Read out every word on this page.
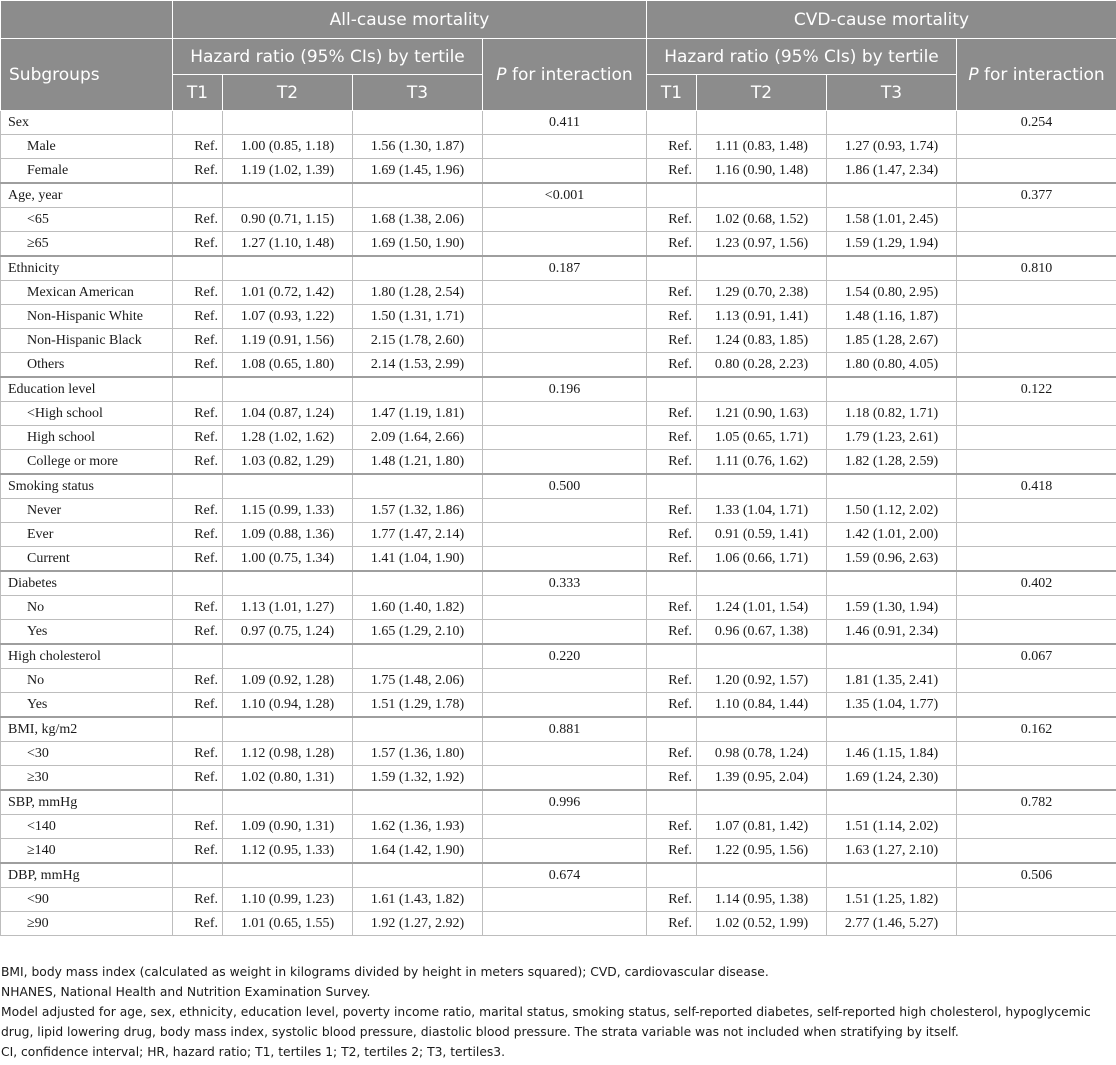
	All-cause mortality				CVD-cause mortality			
Subgroups	Hazard ratio (95% CIs) by tertile			P for interaction	Hazard ratio (95% CIs) by tertile			P for interaction
	T1	T2	T3		T1	T2	T3	
Sex				0.411				0.254
Male	Ref.	1.00 (0.85, 1.18)	1.56 (1.30, 1.87)		Ref.	1.11 (0.83, 1.48)	1.27 (0.93, 1.74)	
Female	Ref.	1.19 (1.02, 1.39)	1.69 (1.45, 1.96)		Ref.	1.16 (0.90, 1.48)	1.86 (1.47, 2.34)	
Age, year				<0.001				0.377
<65	Ref.	0.90 (0.71, 1.15)	1.68 (1.38, 2.06)		Ref.	1.02 (0.68, 1.52)	1.58 (1.01, 2.45)	
≥65	Ref.	1.27 (1.10, 1.48)	1.69 (1.50, 1.90)		Ref.	1.23 (0.97, 1.56)	1.59 (1.29, 1.94)	
Ethnicity				0.187				0.810
Mexican American	Ref.	1.01 (0.72, 1.42)	1.80 (1.28, 2.54)		Ref.	1.29 (0.70, 2.38)	1.54 (0.80, 2.95)	
Non-Hispanic White	Ref.	1.07 (0.93, 1.22)	1.50 (1.31, 1.71)		Ref.	1.13 (0.91, 1.41)	1.48 (1.16, 1.87)	
Non-Hispanic Black	Ref.	1.19 (0.91, 1.56)	2.15 (1.78, 2.60)		Ref.	1.24 (0.83, 1.85)	1.85 (1.28, 2.67)	
Others	Ref.	1.08 (0.65, 1.80)	2.14 (1.53, 2.99)		Ref.	0.80 (0.28, 2.23)	1.80 (0.80, 4.05)	
Education level				0.196				0.122
<High school	Ref.	1.04 (0.87, 1.24)	1.47 (1.19, 1.81)		Ref.	1.21 (0.90, 1.63)	1.18 (0.82, 1.71)	
High school	Ref.	1.28 (1.02, 1.62)	2.09 (1.64, 2.66)		Ref.	1.05 (0.65, 1.71)	1.79 (1.23, 2.61)	
College or more	Ref.	1.03 (0.82, 1.29)	1.48 (1.21, 1.80)		Ref.	1.11 (0.76, 1.62)	1.82 (1.28, 2.59)	
Smoking status				0.500				0.418
Never	Ref.	1.15 (0.99, 1.33)	1.57 (1.32, 1.86)		Ref.	1.33 (1.04, 1.71)	1.50 (1.12, 2.02)	
Ever	Ref.	1.09 (0.88, 1.36)	1.77 (1.47, 2.14)		Ref.	0.91 (0.59, 1.41)	1.42 (1.01, 2.00)	
Current	Ref.	1.00 (0.75, 1.34)	1.41 (1.04, 1.90)		Ref.	1.06 (0.66, 1.71)	1.59 (0.96, 2.63)	
Diabetes				0.333				0.402
No	Ref.	1.13 (1.01, 1.27)	1.60 (1.40, 1.82)		Ref.	1.24 (1.01, 1.54)	1.59 (1.30, 1.94)	
Yes	Ref.	0.97 (0.75, 1.24)	1.65 (1.29, 2.10)		Ref.	0.96 (0.67, 1.38)	1.46 (0.91, 2.34)	
High cholesterol				0.220				0.067
No	Ref.	1.09 (0.92, 1.28)	1.75 (1.48, 2.06)		Ref.	1.20 (0.92, 1.57)	1.81 (1.35, 2.41)	
Yes	Ref.	1.10 (0.94, 1.28)	1.51 (1.29, 1.78)		Ref.	1.10 (0.84, 1.44)	1.35 (1.04, 1.77)	
BMI, kg/m2				0.881				0.162
<30	Ref.	1.12 (0.98, 1.28)	1.57 (1.36, 1.80)		Ref.	0.98 (0.78, 1.24)	1.46 (1.15, 1.84)	
≥30	Ref.	1.02 (0.80, 1.31)	1.59 (1.32, 1.92)		Ref.	1.39 (0.95, 2.04)	1.69 (1.24, 2.30)	
SBP, mmHg				0.996				0.782
<140	Ref.	1.09 (0.90, 1.31)	1.62 (1.36, 1.93)		Ref.	1.07 (0.81, 1.42)	1.51 (1.14, 2.02)	
≥140	Ref.	1.12 (0.95, 1.33)	1.64 (1.42, 1.90)		Ref.	1.22 (0.95, 1.56)	1.63 (1.27, 2.10)	
DBP, mmHg				0.674				0.506
<90	Ref.	1.10 (0.99, 1.23)	1.61 (1.43, 1.82)		Ref.	1.14 (0.95, 1.38)	1.51 (1.25, 1.82)	
≥90	Ref.	1.01 (0.65, 1.55)	1.92 (1.27, 2.92)		Ref.	1.02 (0.52, 1.99)	2.77 (1.46, 5.27)	

BMI, body mass index (calculated as weight in kilograms divided by height in meters squared); CVD, cardiovascular disease.

NHANES, National Health and Nutrition Examination Survey.

Model adjusted for age, sex, ethnicity, education level, poverty income ratio, marital status, smoking status, self-reported diabetes, self-reported high cholesterol, hypoglycemic drug, lipid lowering drug, body mass index, systolic blood pressure, diastolic blood pressure. The strata variable was not included when stratifying by itself.

CI, confidence interval; HR, hazard ratio; T1, tertiles 1; T2, tertiles 2; T3, tertiles3.
